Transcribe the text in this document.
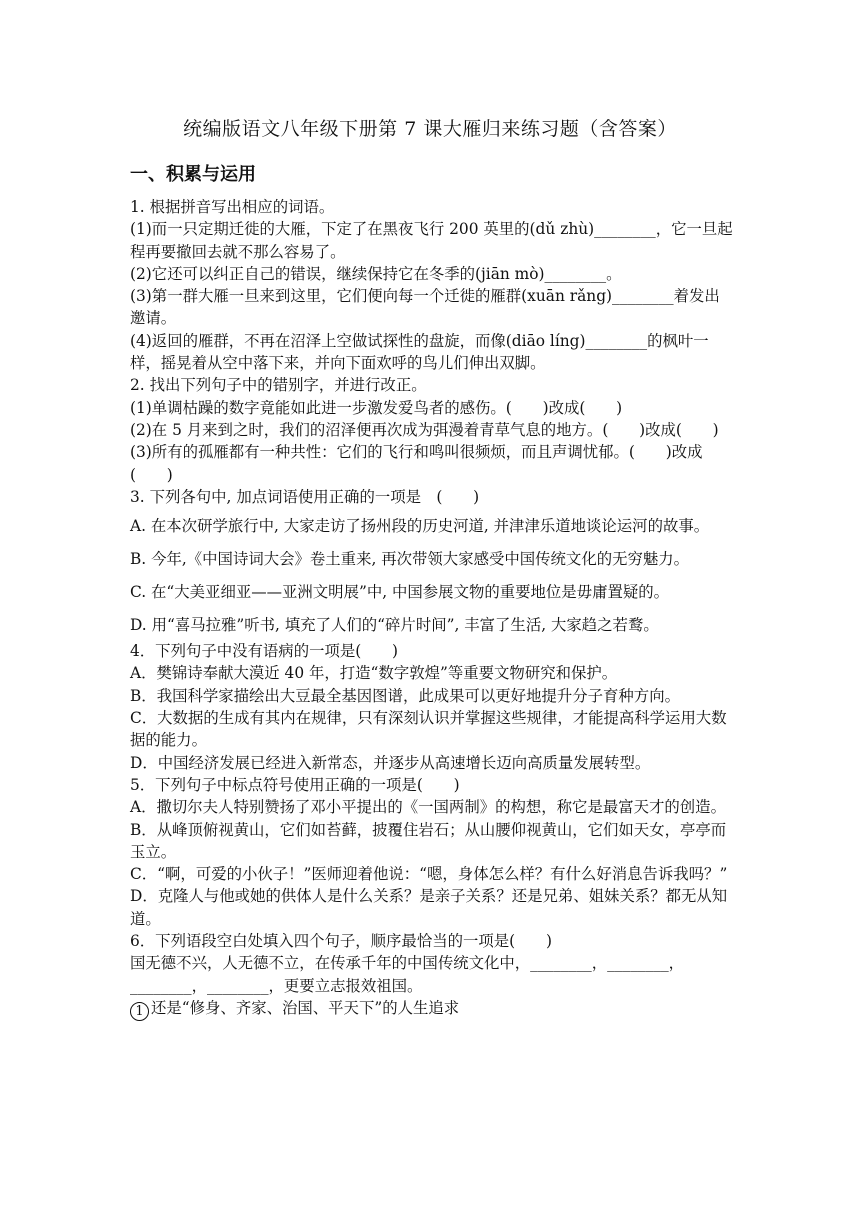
统编版语文八年级下册第 7 课大雁归来练习题（含答案）
一、积累与运用

1. 根据拼音写出相应的词语。

(1)而一只定期迁徙的大雁，下定了在黑夜飞行 200 英里的(dǔ zhù)________，它一旦起程再要撤回去就不那么容易了。

(2)它还可以纠正自己的错误，继续保持它在冬季的(jiān mò)________。

(3)第一群大雁一旦来到这里，它们便向每一个迁徙的雁群(xuān rǎng)________着发出邀请。

(4)返回的雁群，不再在沼泽上空做试探性的盘旋，而像(diāo líng)________的枫叶一样，摇晃着从空中落下来，并向下面欢呼的鸟儿们伸出双脚。

2. 找出下列句子中的错别字，并进行改正。

(1)单调枯躁的数字竟能如此进一步激发爱鸟者的感伤。(　　)改成(　　)

(2)在 5 月来到之时，我们的沼泽便再次成为弭漫着青草气息的地方。(　　)改成(　　)

(3)所有的孤雁都有一种共性：它们的飞行和鸣叫很频烦，而且声调忧郁。(　　)改成(　　)

3. 下列各句中, 加点词语使用正确的一项是　(　　)

A. 在本次研学旅行中, 大家走访了扬州段的历史河道, 并津津乐道地谈论运河的故事。

B. 今年,《中国诗词大会》卷土重来, 再次带领大家感受中国传统文化的无穷魅力。

C. 在“大美亚细亚——亚洲文明展”中, 中国参展文物的重要地位是毋庸置疑的。

D. 用“喜马拉雅”听书, 填充了人们的“碎片时间”, 丰富了生活, 大家趋之若鹜。

4．下列句子中没有语病的一项是(　　)

A．樊锦诗奉献大漠近 40 年，打造“数字敦煌”等重要文物研究和保护。

B．我国科学家描绘出大豆最全基因图谱，此成果可以更好地提升分子育种方向。

C．大数据的生成有其内在规律，只有深刻认识并掌握这些规律，才能提高科学运用大数据的能力。

D．中国经济发展已经进入新常态，并逐步从高速增长迈向高质量发展转型。

5．下列句子中标点符号使用正确的一项是(　　)

A．撒切尔夫人特别赞扬了邓小平提出的《一国两制》的构想，称它是最富天才的创造。

B．从峰顶俯视黄山，它们如苔藓，披覆住岩石；从山腰仰视黄山，它们如天女，亭亭而玉立。

C．“啊，可爱的小伙子！”医师迎着他说：“嗯，身体怎么样？有什么好消息告诉我吗？”

D．克隆人与他或她的供体人是什么关系？是亲子关系？还是兄弟、姐妹关系？都无从知道。

6．下列语段空白处填入四个句子，顺序最恰当的一项是(　　)

国无德不兴，人无德不立，在传承千年的中国传统文化中，________，________，________，________，更要立志报效祖国。

1 还是“修身、齐家、治国、平天下”的人生追求
